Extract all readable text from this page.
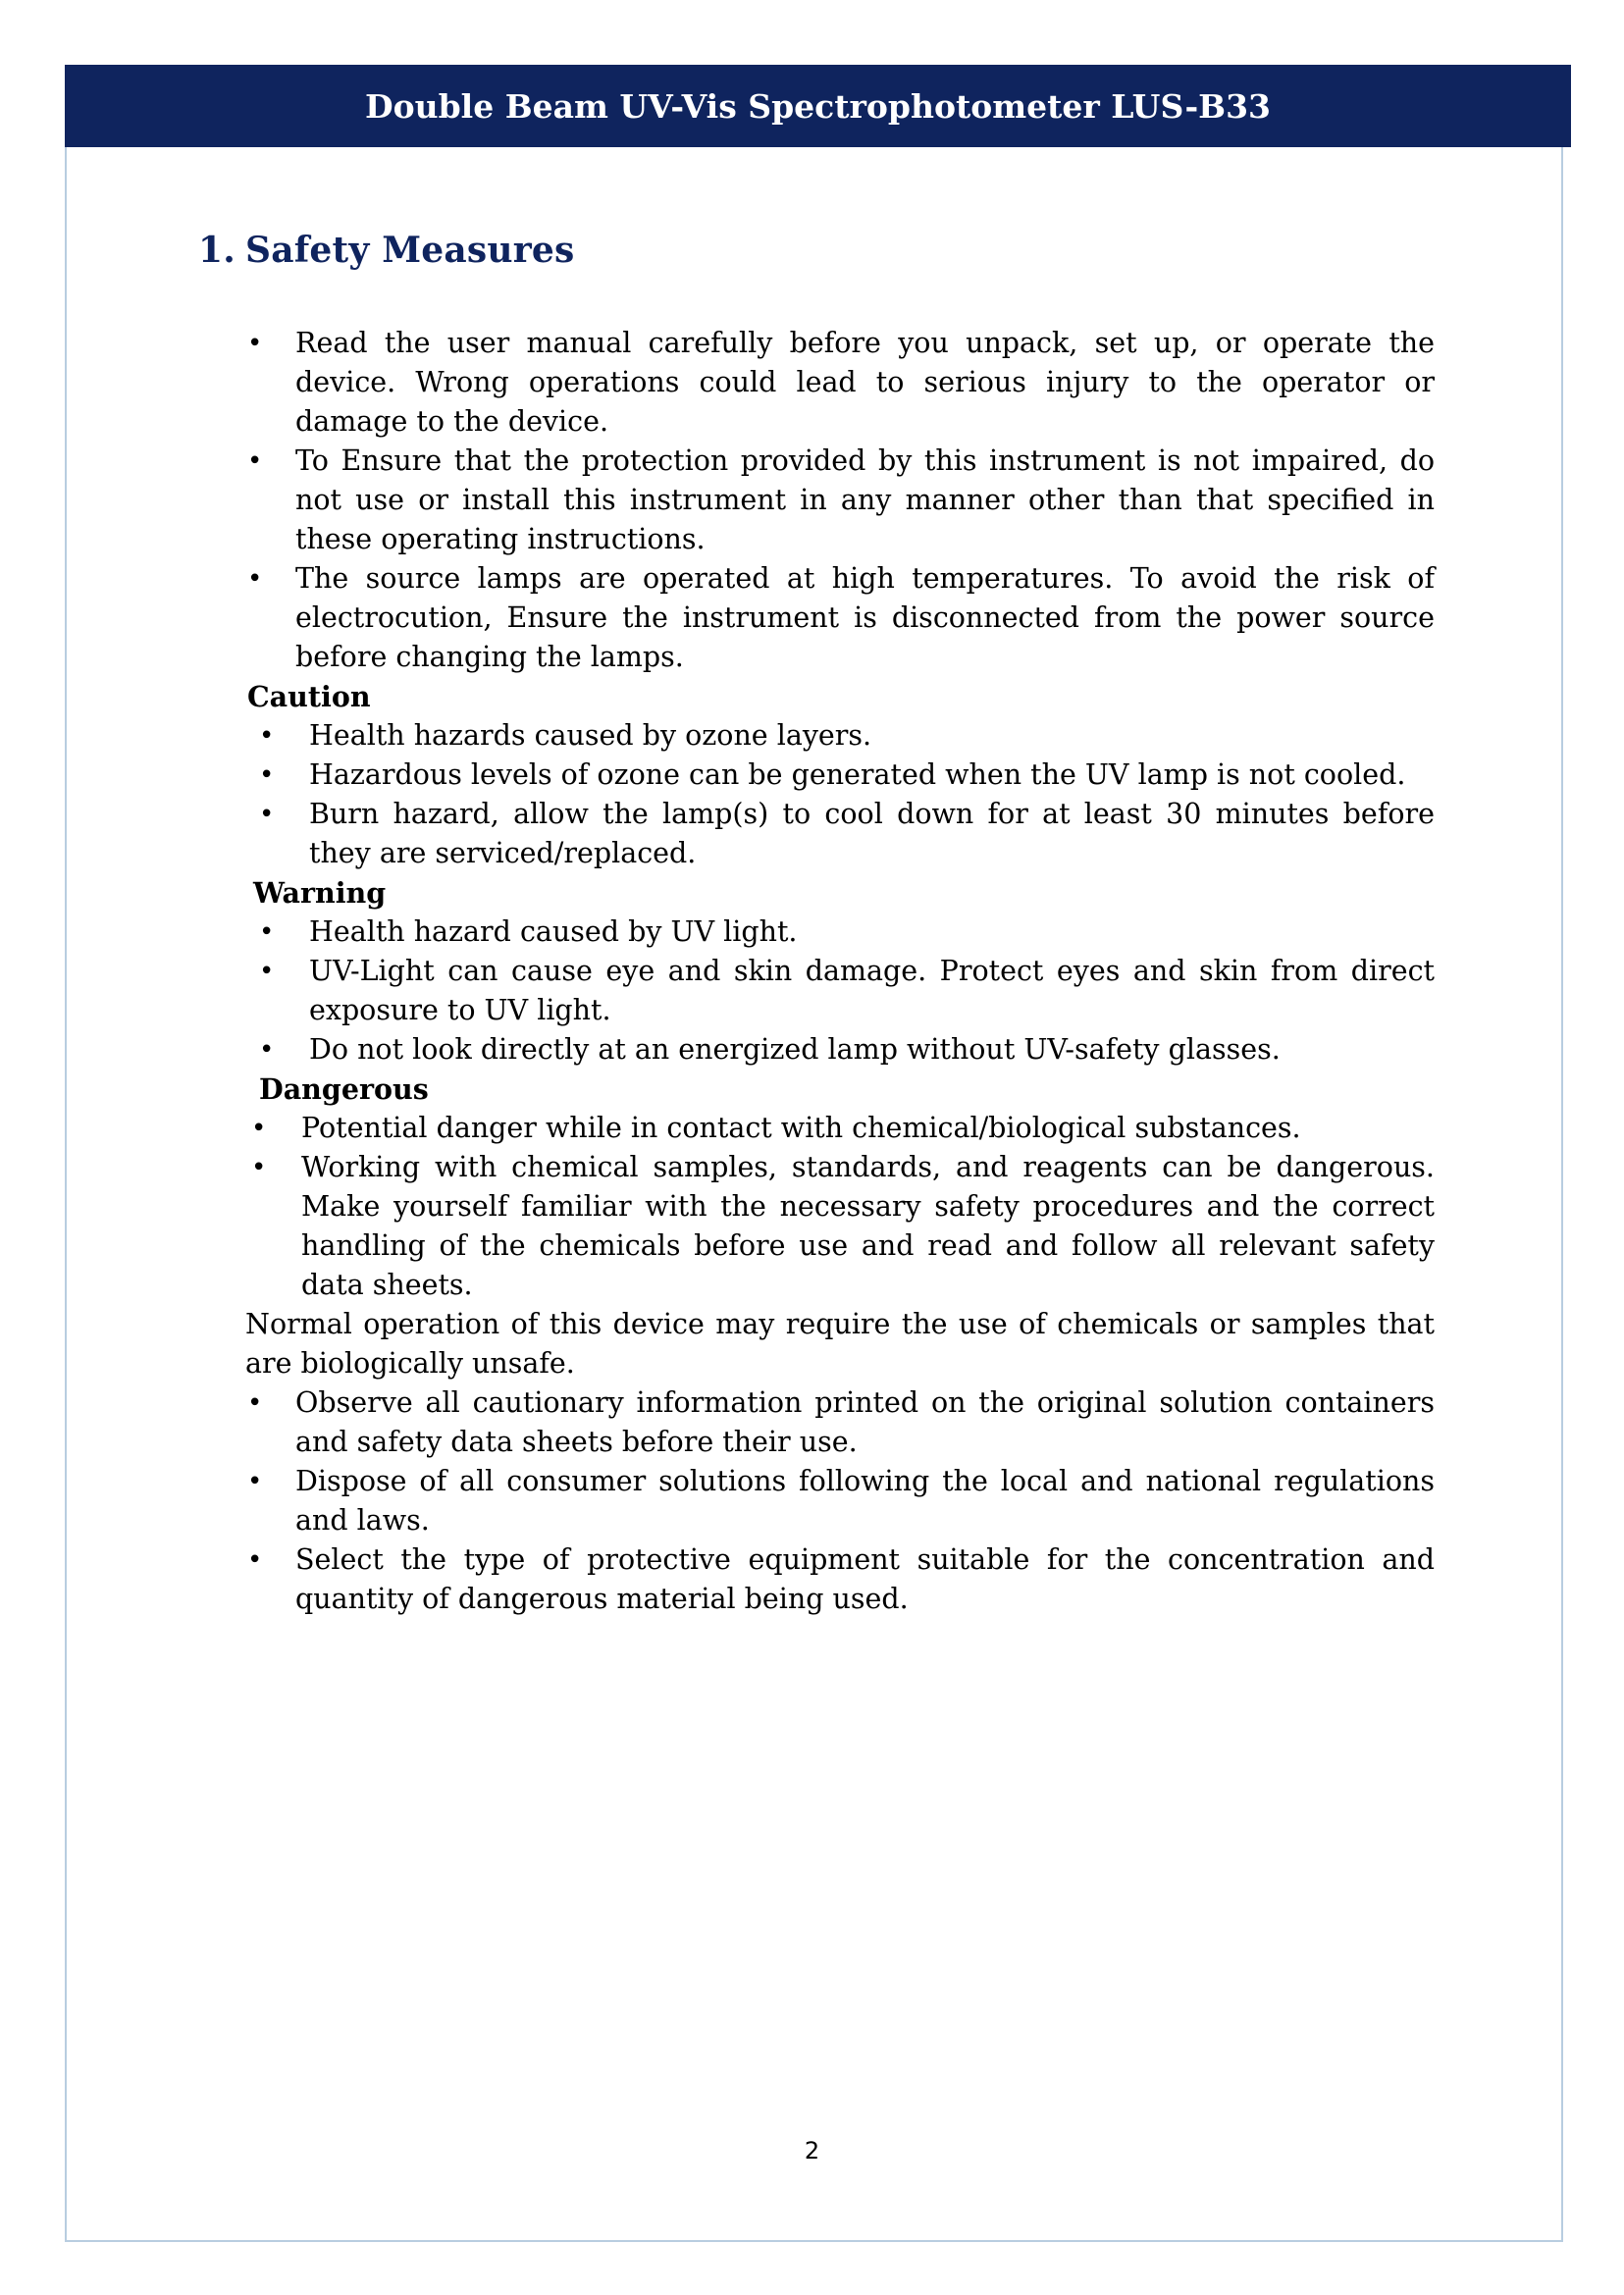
Double Beam UV-Vis Spectrophotometer LUS-B33
1. Safety Measures
• Read the user manual carefully before you unpack, set up, or operate the device. Wrong operations could lead to serious injury to the operator or damage to the device.
• To Ensure that the protection provided by this instrument is not impaired, do not use or install this instrument in any manner other than that specified in these operating instructions.
• The source lamps are operated at high temperatures. To avoid the risk of electrocution, Ensure the instrument is disconnected from the power source before changing the lamps.
Caution
• Health hazards caused by ozone layers.
• Hazardous levels of ozone can be generated when the UV lamp is not cooled.
• Burn hazard, allow the lamp(s) to cool down for at least 30 minutes before they are serviced/replaced.
Warning
• Health hazard caused by UV light.
• UV-Light can cause eye and skin damage. Protect eyes and skin from direct exposure to UV light.
• Do not look directly at an energized lamp without UV-safety glasses.
Dangerous
• Potential danger while in contact with chemical/biological substances.
• Working with chemical samples, standards, and reagents can be dangerous. Make yourself familiar with the necessary safety procedures and the correct handling of the chemicals before use and read and follow all relevant safety data sheets.

Normal operation of this device may require the use of chemicals or samples that are biologically unsafe.

• Observe all cautionary information printed on the original solution containers and safety data sheets before their use.
• Dispose of all consumer solutions following the local and national regulations and laws.
• Select the type of protective equipment suitable for the concentration and quantity of dangerous material being used.
2
